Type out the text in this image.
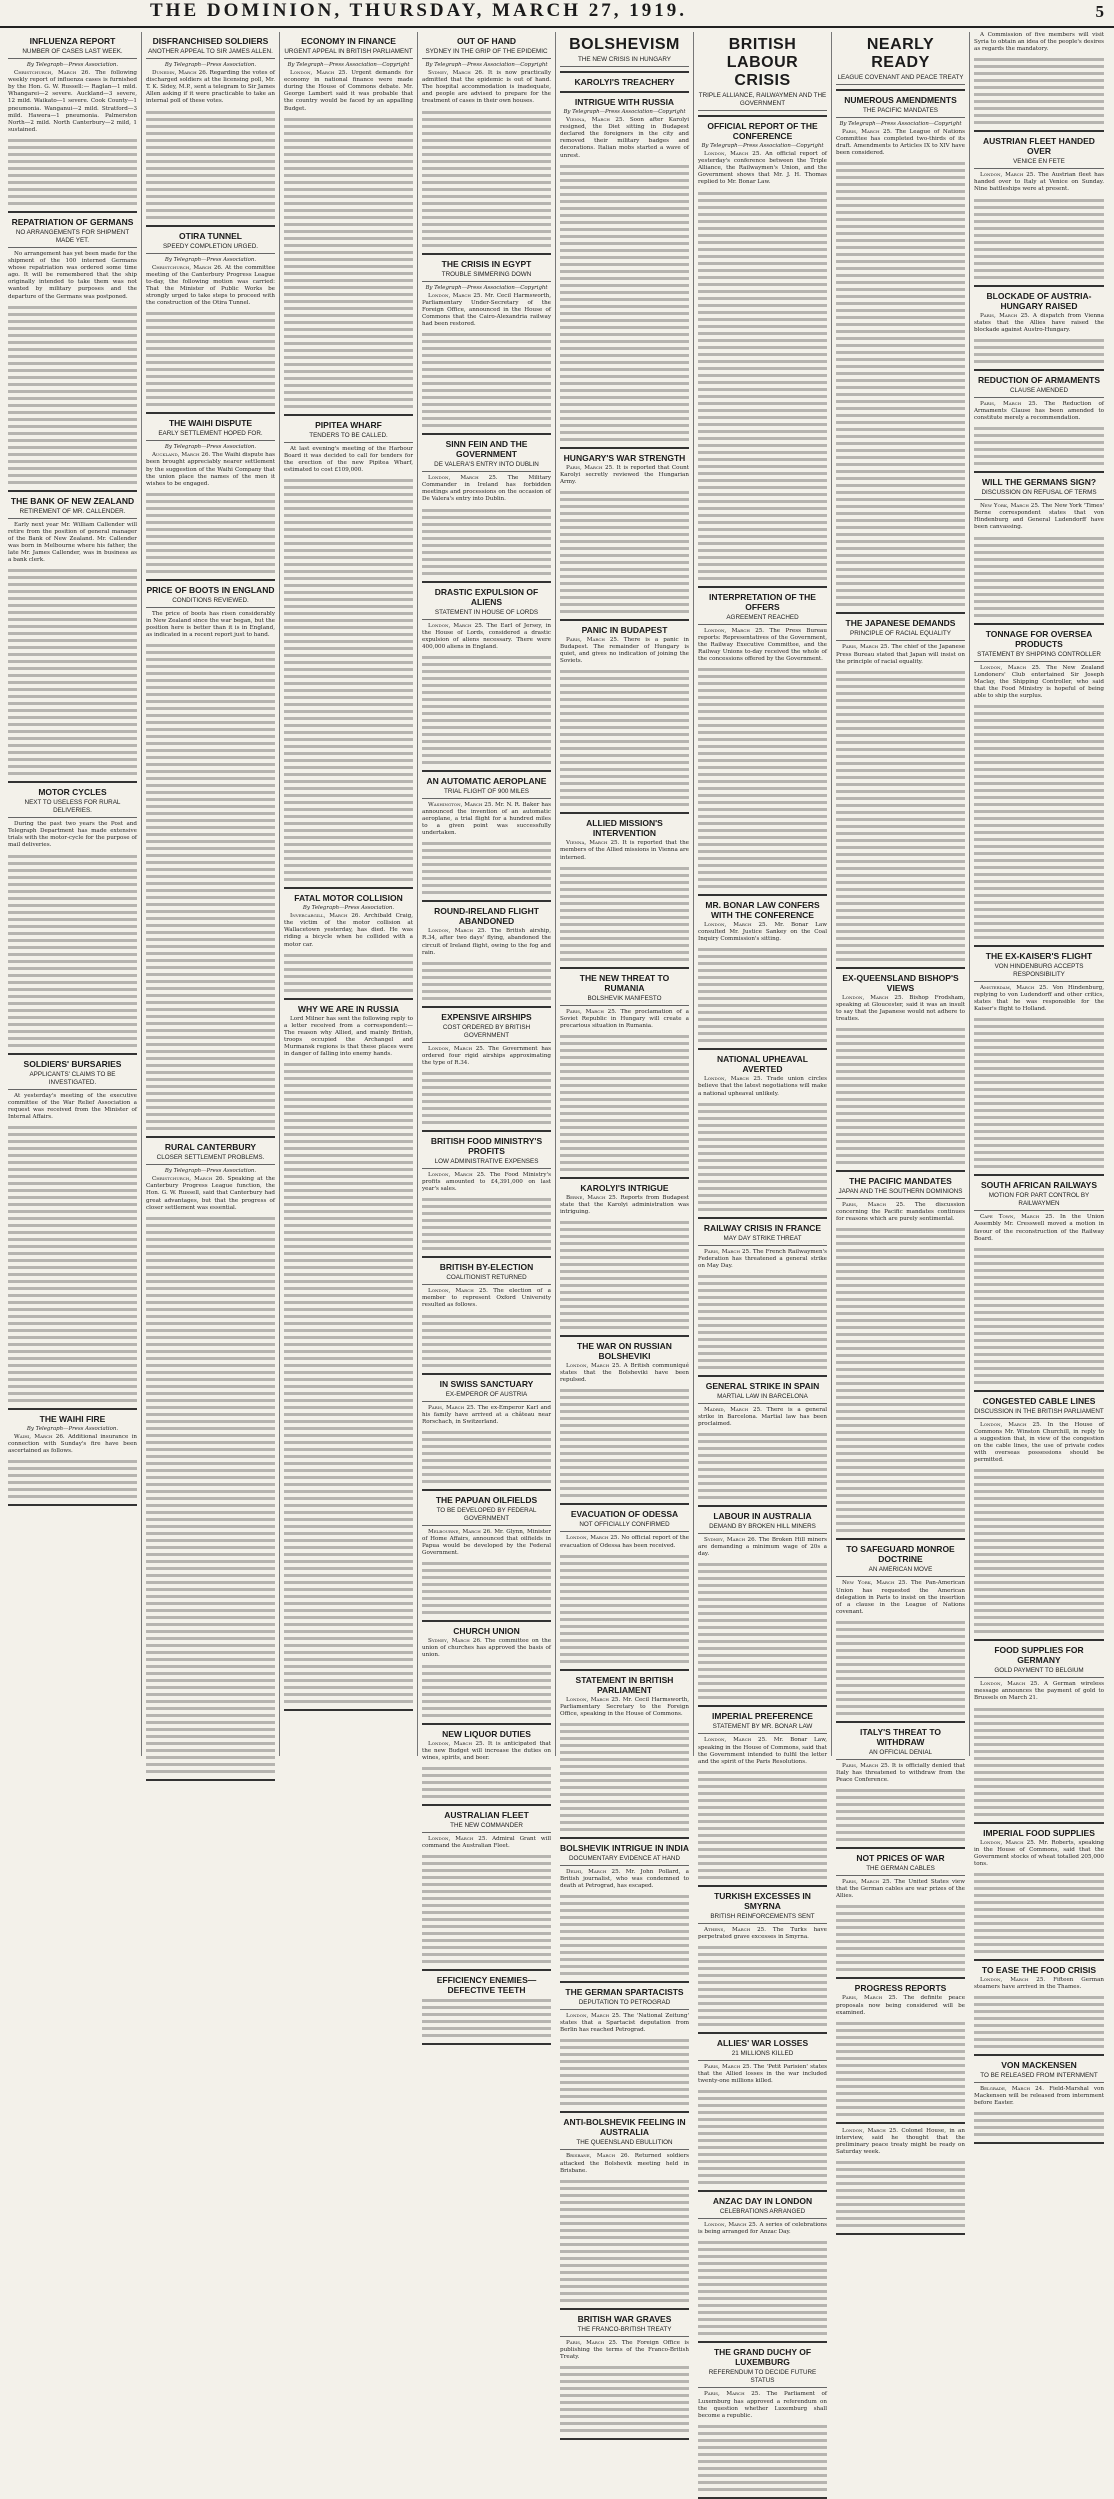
THE DOMINION, THURSDAY, MARCH 27, 1919.	5
INFLUENZA REPORT
NUMBER OF CASES LAST WEEK.
By Telegraph—Press Association.

Christchurch, March 26. The following weekly report of influenza cases is furnished by the Hon. G. W. Russell:— Raglan—1 mild. Whangarei—2 severe. Auckland—3 severe, 12 mild. Waikato—1 severe. Cook County—1 pneumonia. Wanganui—2 mild. Stratford—3 mild. Hawera—1 pneumonia. Palmerston North—2 mild. North Canterbury—2 mild, 1 sustained.

REPATRIATION OF GERMANS
NO ARRANGEMENTS FOR SHIPMENT MADE YET.

No arrangement has yet been made for the shipment of the 100 interned Germans whose repatriation was ordered some time ago. It will be remembered that the ship originally intended to take them was not wanted by military purposes and the departure of the Germans was postponed.

THE BANK OF NEW ZEALAND
RETIREMENT OF MR. CALLENDER.

Early next year Mr. William Callender will retire from the position of general manager of the Bank of New Zealand. Mr. Callender was born in Melbourne where his father, the late Mr. James Callender, was in business as a bank clerk.

MOTOR CYCLES
NEXT TO USELESS FOR RURAL DELIVERIES.

During the past two years the Post and Telegraph Department has made extensive trials with the motor-cycle for the purpose of mail deliveries.

SOLDIERS' BURSARIES
APPLICANTS' CLAIMS TO BE INVESTIGATED.

At yesterday's meeting of the executive committee of the War Relief Association a request was received from the Minister of Internal Affairs.

THE WAIHI FIRE
By Telegraph—Press Association.

Waihi, March 26. Additional insurance in connection with Sunday's fire have been ascertained as follows.

DISFRANCHISED SOLDIERS
ANOTHER APPEAL TO SIR JAMES ALLEN.
By Telegraph—Press Association.

Dunedin, March 26. Regarding the votes of discharged soldiers at the licensing poll, Mr. T. K. Sidey, M.P., sent a telegram to Sir James Allen asking if it were practicable to take an internal poll of these votes.

OTIRA TUNNEL
SPEEDY COMPLETION URGED.
By Telegraph—Press Association.

Christchurch, March 26. At the committee meeting of the Canterbury Progress League to-day, the following motion was carried: That the Minister of Public Works be strongly urged to take steps to proceed with the construction of the Otira Tunnel.

THE WAIHI DISPUTE
EARLY SETTLEMENT HOPED FOR.
By Telegraph—Press Association.

Auckland, March 26. The Waihi dispute has been brought appreciably nearer settlement by the suggestion of the Waihi Company that the union place the names of the men it wishes to be engaged.

PRICE OF BOOTS IN ENGLAND
CONDITIONS REVIEWED.

The price of boots has risen considerably in New Zealand since the war began, but the position here is better than it is in England, as indicated in a recent report just to hand.

RURAL CANTERBURY
CLOSER SETTLEMENT PROBLEMS.
By Telegraph—Press Association.

Christchurch, March 26. Speaking at the Canterbury Progress League function, the Hon. G. W. Russell, said that Canterbury had great advantages, but that the progress of closer settlement was essential.

ECONOMY IN FINANCE
URGENT APPEAL IN BRITISH PARLIAMENT
By Telegraph—Press Association—Copyright

London, March 25. Urgent demands for economy in national finance were made during the House of Commons debate. Mr. George Lambert said it was probable that the country would be faced by an appalling Budget.

PIPITEA WHARF
TENDERS TO BE CALLED.

At last evening's meeting of the Harbour Board it was decided to call for tenders for the erection of the new Pipitea Wharf, estimated to cost £109,000.

FATAL MOTOR COLLISION
By Telegraph—Press Association.

Invercargill, March 26. Archibald Craig, the victim of the motor collision at Wallacetown yesterday, has died. He was riding a bicycle when he collided with a motor car.

WHY WE ARE IN RUSSIA

Lord Milner has sent the following reply to a letter received from a correspondent:— The reason why Allied, and mainly British, troops occupied the Archangel and Murmansk regions is that these places were in danger of falling into enemy hands.

OUT OF HAND
SYDNEY IN THE GRIP OF THE EPIDEMIC
By Telegraph—Press Association—Copyright

Sydney, March 26. It is now practically admitted that the epidemic is out of hand. The hospital accommodation is inadequate, and people are advised to prepare for the treatment of cases in their own houses.

THE CRISIS IN EGYPT
TROUBLE SIMMERING DOWN
By Telegraph—Press Association—Copyright

London, March 25. Mr. Cecil Harmsworth, Parliamentary Under-Secretary of the Foreign Office, announced in the House of Commons that the Cairo-Alexandria railway had been restored.

SINN FEIN AND THE GOVERNMENT
DE VALERA'S ENTRY INTO DUBLIN

London, March 25. The Military Commander in Ireland has forbidden meetings and processions on the occasion of De Valera's entry into Dublin.

DRASTIC EXPULSION OF ALIENS
STATEMENT IN HOUSE OF LORDS

London, March 25. The Earl of Jersey, in the House of Lords, considered a drastic expulsion of aliens necessary. There were 400,000 aliens in England.

AN AUTOMATIC AEROPLANE
TRIAL FLIGHT OF 900 MILES

Washington, March 25. Mr. N. R. Baker has announced the invention of an automatic aeroplane, a trial flight for a hundred miles to a given point was successfully undertaken.

ROUND-IRELAND FLIGHT ABANDONED

London, March 25. The British airship, R.34, after two days' flying, abandoned the circuit of Ireland flight, owing to the fog and rain.

EXPENSIVE AIRSHIPS
COST ORDERED BY BRITISH GOVERNMENT

London, March 25. The Government has ordered four rigid airships approximating the type of R.34.

BRITISH FOOD MINISTRY'S PROFITS
LOW ADMINISTRATIVE EXPENSES

London, March 25. The Food Ministry's profits amounted to £4,391,000 on last year's sales.

BRITISH BY-ELECTION
COALITIONIST RETURNED

London, March 25. The election of a member to represent Oxford University resulted as follows.

IN SWISS SANCTUARY
EX-EMPEROR OF AUSTRIA

Paris, March 25. The ex-Emperor Karl and his family have arrived at a château near Rorschach, in Switzerland.

THE PAPUAN OILFIELDS
TO BE DEVELOPED BY FEDERAL GOVERNMENT

Melbourne, March 26. Mr. Glynn, Minister of Home Affairs, announced that oilfields in Papua would be developed by the Federal Government.

CHURCH UNION

Sydney, March 26. The committee on the union of churches has approved the basis of union.

NEW LIQUOR DUTIES

London, March 25. It is anticipated that the new Budget will increase the duties on wines, spirits, and beer.

AUSTRALIAN FLEET
THE NEW COMMANDER

London, March 25. Admiral Grant will command the Australian Fleet.

EFFICIENCY ENEMIES—DEFECTIVE TEETH
BOLSHEVISM
THE NEW CRISIS IN HUNGARY
KAROLYI'S TREACHERY
INTRIGUE WITH RUSSIA
By Telegraph—Press Association—Copyright

Vienna, March 25. Soon after Karolyi resigned, the Diet sitting in Budapest declared the foreigners in the city and removed their military badges and decorations. Italian mobs started a wave of unrest.

HUNGARY'S WAR STRENGTH

Paris, March 25. It is reported that Count Karolyi secretly reviewed the Hungarian Army.

PANIC IN BUDAPEST

Paris, March 25. There is a panic in Budapest. The remainder of Hungary is quiet, and gives no indication of joining the Soviets.

ALLIED MISSION'S INTERVENTION

Vienna, March 25. It is reported that the members of the Allied missions in Vienna are interned.

THE NEW THREAT TO RUMANIA
BOLSHEVIK MANIFESTO

Paris, March 25. The proclamation of a Soviet Republic in Hungary will create a precarious situation in Rumania.

KAROLYI'S INTRIGUE

Berne, March 25. Reports from Budapest state that the Karolyi administration was intriguing.

THE WAR ON RUSSIAN BOLSHEVIKI

London, March 25. A British communiqué states that the Bolsheviki have been repulsed.

EVACUATION OF ODESSA
NOT OFFICIALLY CONFIRMED

London, March 25. No official report of the evacuation of Odessa has been received.

STATEMENT IN BRITISH PARLIAMENT

London, March 25. Mr. Cecil Harmsworth, Parliamentary Secretary to the Foreign Office, speaking in the House of Commons.

BOLSHEVIK INTRIGUE IN INDIA
DOCUMENTARY EVIDENCE AT HAND

Delhi, March 25. Mr. John Pollard, a British journalist, who was condemned to death at Petrograd, has escaped.

THE GERMAN SPARTACISTS
DEPUTATION TO PETROGRAD

London, March 25. The 'National Zeitung' states that a Spartacist deputation from Berlin has reached Petrograd.

ANTI-BOLSHEVIK FEELING IN AUSTRALIA
THE QUEENSLAND EBULLITION

Brisbane, March 26. Returned soldiers attacked the Bolshevik meeting held in Brisbane.

BRITISH WAR GRAVES
THE FRANCO-BRITISH TREATY

Paris, March 25. The Foreign Office is publishing the terms of the Franco-British Treaty.

BRITISH LABOUR CRISIS
TRIPLE ALLIANCE, RAILWAYMEN AND THE GOVERNMENT
OFFICIAL REPORT OF THE CONFERENCE
By Telegraph—Press Association—Copyright

London, March 25. An official report of yesterday's conference between the Triple Alliance, the Railwaymen's Union, and the Government shows that Mr. J. H. Thomas replied to Mr. Bonar Law.

INTERPRETATION OF THE OFFERS
AGREEMENT REACHED

London, March 25. The Press Bureau reports: Representatives of the Government, the Railway Executive Committee, and the Railway Unions to-day received the whole of the concessions offered by the Government.

MR. BONAR LAW CONFERS WITH THE CONFERENCE

London, March 25. Mr. Bonar Law consulted Mr. Justice Sankey on the Coal Inquiry Commission's sitting.

NATIONAL UPHEAVAL AVERTED

London, March 25. Trade union circles believe that the latest negotiations will make a national upheaval unlikely.

RAILWAY CRISIS IN FRANCE
MAY DAY STRIKE THREAT

Paris, March 25. The French Railwaymen's Federation has threatened a general strike on May Day.

GENERAL STRIKE IN SPAIN
MARTIAL LAW IN BARCELONA

Madrid, March 25. There is a general strike in Barcelona. Martial law has been proclaimed.

LABOUR IN AUSTRALIA
DEMAND BY BROKEN HILL MINERS

Sydney, March 26. The Broken Hill miners are demanding a minimum wage of 20s a day.

IMPERIAL PREFERENCE
STATEMENT BY MR. BONAR LAW

London, March 25. Mr. Bonar Law, speaking in the House of Commons, said that the Government intended to fulfil the letter and the spirit of the Paris Resolutions.

TURKISH EXCESSES IN SMYRNA
BRITISH REINFORCEMENTS SENT

Athens, March 25. The Turks have perpetrated grave excesses in Smyrna.

ALLIES' WAR LOSSES
21 MILLIONS KILLED

Paris, March 25. The 'Petit Parisien' states that the Allied losses in the war included twenty-one millions killed.

ANZAC DAY IN LONDON
CELEBRATIONS ARRANGED

London, March 25. A series of celebrations is being arranged for Anzac Day.

THE GRAND DUCHY OF LUXEMBURG
REFERENDUM TO DECIDE FUTURE STATUS

Paris, March 25. The Parliament of Luxemburg has approved a referendum on the question whether Luxemburg shall become a republic.

NEARLY READY
LEAGUE COVENANT AND PEACE TREATY
NUMEROUS AMENDMENTS
THE PACIFIC MANDATES
By Telegraph—Press Association—Copyright

Paris, March 25. The League of Nations Committee has completed two-thirds of its draft. Amendments to Articles IX to XIV have been considered.

THE JAPANESE DEMANDS
PRINCIPLE OF RACIAL EQUALITY

Paris, March 25. The chief of the Japanese Press Bureau stated that Japan will insist on the principle of racial equality.

EX-QUEENSLAND BISHOP'S VIEWS

London, March 25. Bishop Frodsham, speaking at Gloucester, said it was an insult to say that the Japanese would not adhere to treaties.

THE PACIFIC MANDATES
JAPAN AND THE SOUTHERN DOMINIONS

Paris, March 25. The discussion concerning the Pacific mandates continues for reasons which are purely sentimental.

TO SAFEGUARD MONROE DOCTRINE
AN AMERICAN MOVE

New York, March 25. The Pan-American Union has requested the American delegation in Paris to insist on the insertion of a clause in the League of Nations covenant.

ITALY'S THREAT TO WITHDRAW
AN OFFICIAL DENIAL

Paris, March 25. It is officially denied that Italy has threatened to withdraw from the Peace Conference.

NOT PRICES OF WAR
THE GERMAN CABLES

Paris, March 25. The United States view that the German cables are war prizes of the Allies.

PROGRESS REPORTS

Paris, March 25. The definite peace proposals now being considered will be examined.

London, March 25. Colonel House, in an interview, said he thought that the preliminary peace treaty might be ready on Saturday week.

A Commission of five members will visit Syria to obtain an idea of the people's desires as regards the mandatory.

AUSTRIAN FLEET HANDED OVER
VENICE EN FETE

London, March 25. The Austrian fleet has handed over to Italy at Venice on Sunday. Nine battleships were at present.

BLOCKADE OF AUSTRIA-HUNGARY RAISED

Paris, March 25. A dispatch from Vienna states that the Allies have raised the blockade against Austro-Hungary.

REDUCTION OF ARMAMENTS
CLAUSE AMENDED

Paris, March 25. The Reduction of Armaments Clause has been amended to constitute merely a recommendation.

WILL THE GERMANS SIGN?
DISCUSSION ON REFUSAL OF TERMS

New York, March 25. The New York 'Times' Berne correspondent states that von Hindenburg and General Ludendorff have been canvassing.

TONNAGE FOR OVERSEA PRODUCTS
STATEMENT BY SHIPPING CONTROLLER

London, March 25. The New Zealand Londoners' Club entertained Sir Joseph Maclay, the Shipping Controller, who said that the Food Ministry is hopeful of being able to ship the surplus.

THE EX-KAISER'S FLIGHT
VON HINDENBURG ACCEPTS RESPONSIBILITY

Amsterdam, March 25. Von Hindenburg, replying to von Ludendorff and other critics, states that he was responsible for the Kaiser's flight to Holland.

SOUTH AFRICAN RAILWAYS
MOTION FOR PART CONTROL BY RAILWAYMEN

Cape Town, March 25. In the Union Assembly Mr. Cresswell moved a motion in favour of the reconstruction of the Railway Board.

CONGESTED CABLE LINES
DISCUSSION IN THE BRITISH PARLIAMENT

London, March 25. In the House of Commons Mr. Winston Churchill, in reply to a suggestion that, in view of the congestion on the cable lines, the use of private codes with overseas possessions should be permitted.

FOOD SUPPLIES FOR GERMANY
GOLD PAYMENT TO BELGIUM

London, March 25. A German wireless message announces the payment of gold to Brussels on March 21.

IMPERIAL FOOD SUPPLIES

London, March 25. Mr. Roberts, speaking in the House of Commons, said that the Government stocks of wheat totalled 205,000 tons.

TO EASE THE FOOD CRISIS

London, March 25. Fifteen German steamers have arrived in the Thames.

VON MACKENSEN
TO BE RELEASED FROM INTERNMENT

Belgrade, March 24. Field-Marshal von Mackensen will be released from internment before Easter.
